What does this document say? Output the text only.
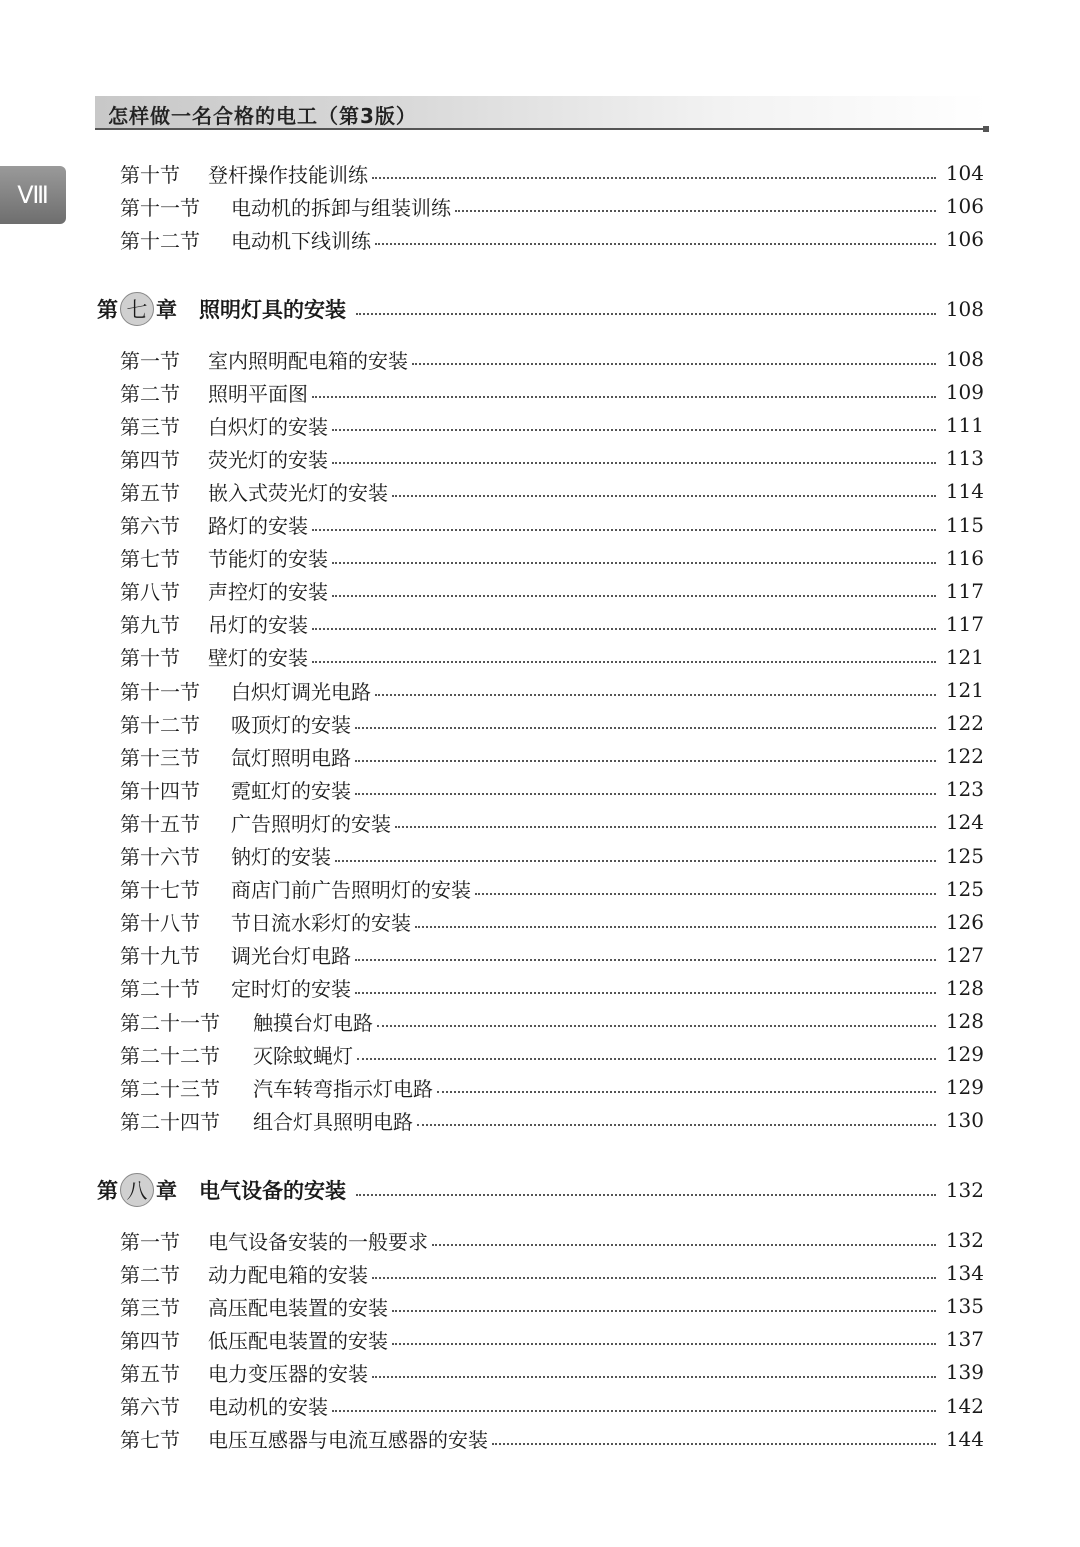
怎样做一名合格的电工（第3版）
Ⅷ
第十节	登杆操作技能训练	104
第十一节	电动机的拆卸与组装训练	106
第十二节	电动机下线训练	106
第 七 章 照明灯具的安装	108
第一节	室内照明配电箱的安装	108
第二节	照明平面图	109
第三节	白炽灯的安装	111
第四节	荧光灯的安装	113
第五节	嵌入式荧光灯的安装	114
第六节	路灯的安装	115
第七节	节能灯的安装	116
第八节	声控灯的安装	117
第九节	吊灯的安装	117
第十节	壁灯的安装	121
第十一节	白炽灯调光电路	121
第十二节	吸顶灯的安装	122
第十三节	氙灯照明电路	122
第十四节	霓虹灯的安装	123
第十五节	广告照明灯的安装	124
第十六节	钠灯的安装	125
第十七节	商店门前广告照明灯的安装	125
第十八节	节日流水彩灯的安装	126
第十九节	调光台灯电路	127
第二十节	定时灯的安装	128
第二十一节	触摸台灯电路	128
第二十二节	灭除蚊蝇灯	129
第二十三节	汽车转弯指示灯电路	129
第二十四节	组合灯具照明电路	130
第 八 章 电气设备的安装	132
第一节	电气设备安装的一般要求	132
第二节	动力配电箱的安装	134
第三节	高压配电装置的安装	135
第四节	低压配电装置的安装	137
第五节	电力变压器的安装	139
第六节	电动机的安装	142
第七节	电压互感器与电流互感器的安装	144
